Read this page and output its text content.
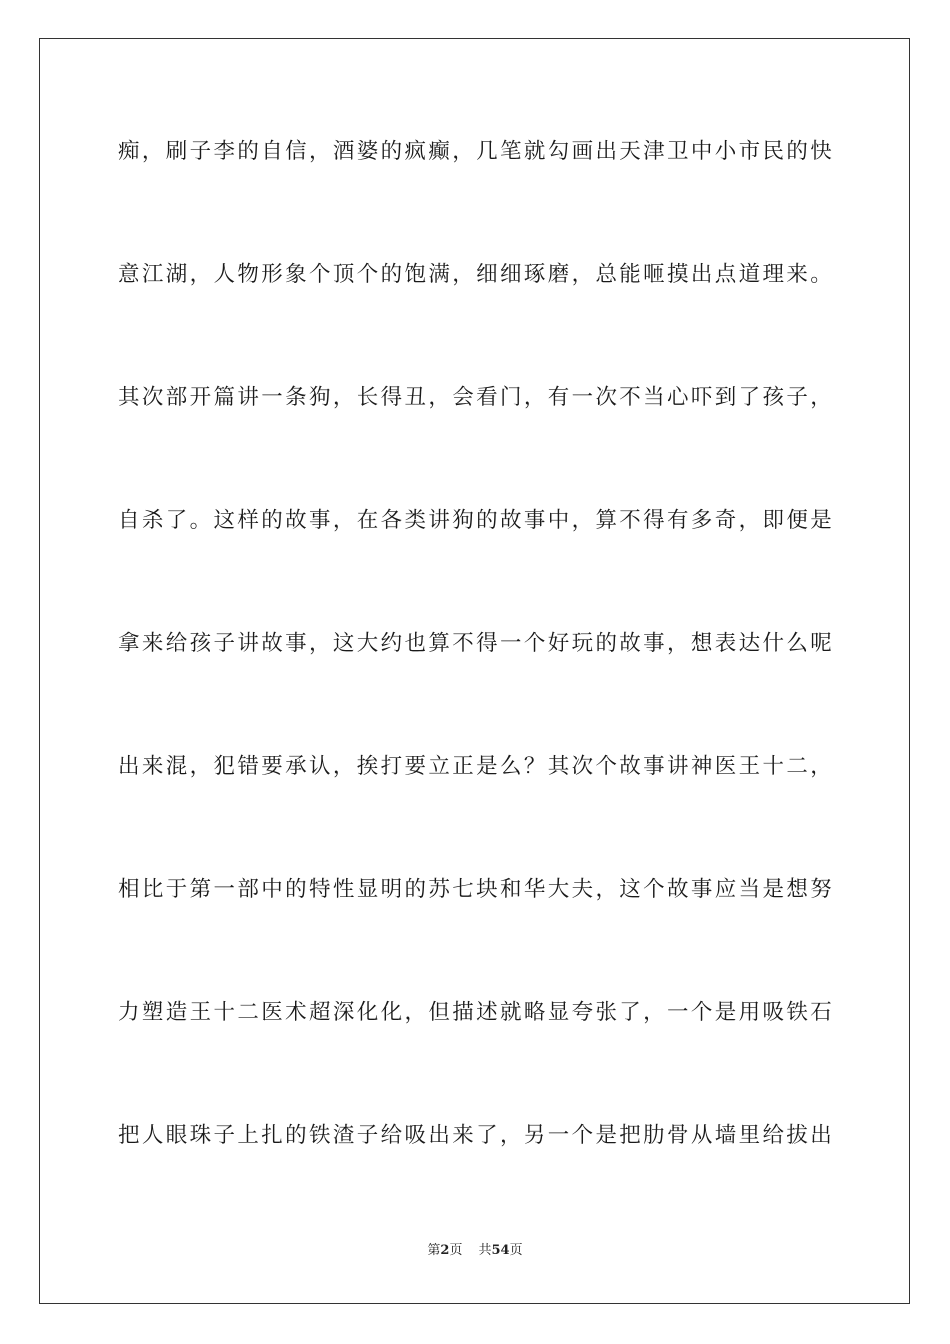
痴，刷子李的自信，酒婆的疯癫，几笔就勾画出天津卫中小市民的快
意江湖，人物形象个顶个的饱满，细细琢磨，总能咂摸出点道理来。
其次部开篇讲一条狗，长得丑，会看门，有一次不当心吓到了孩子，
自杀了。这样的故事，在各类讲狗的故事中，算不得有多奇，即便是
拿来给孩子讲故事，这大约也算不得一个好玩的故事，想表达什么呢
出来混，犯错要承认，挨打要立正是么？其次个故事讲神医王十二，
相比于第一部中的特性显明的苏七块和华大夫，这个故事应当是想努
力塑造王十二医术超深化化，但描述就略显夸张了，一个是用吸铁石
把人眼珠子上扎的铁渣子给吸出来了，另一个是把肋骨从墙里给拔出
第2页 共54页
